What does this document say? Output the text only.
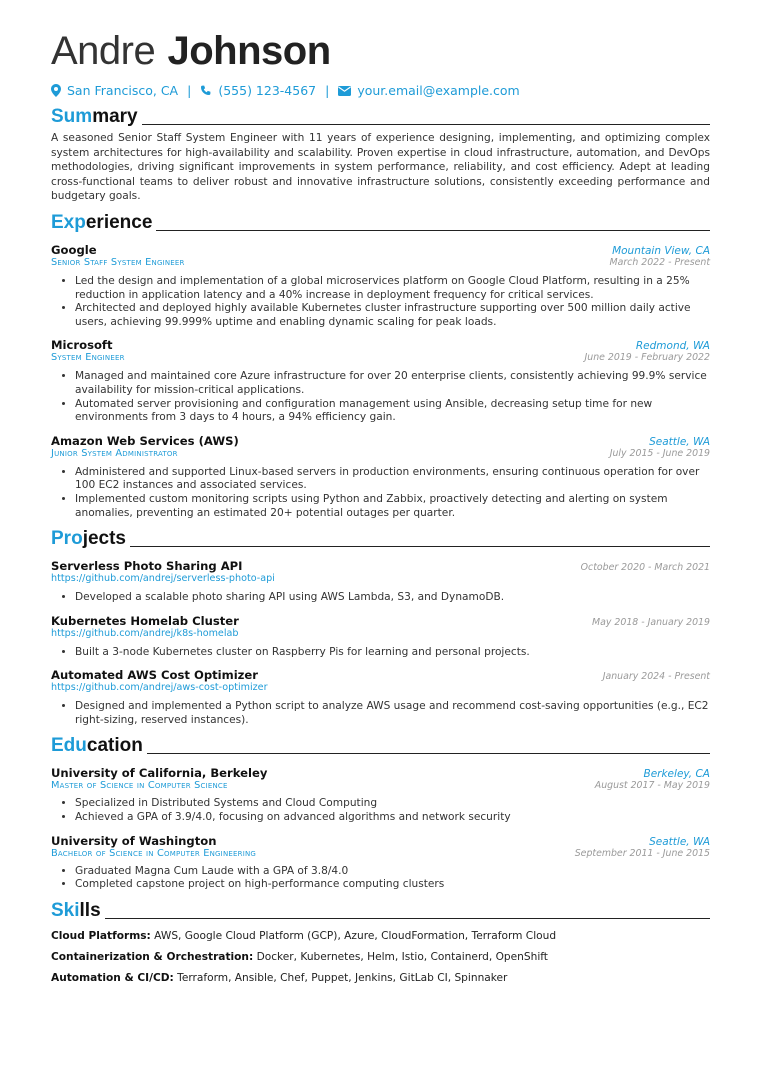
Andre Johnson
San Francisco, CA | (555) 123-4567 | your.email@example.com
Summary
A seasoned Senior Staff System Engineer with 11 years of experience designing, implementing, and optimizing complex system architectures for high-availability and scalability. Proven expertise in cloud infrastructure, automation, and DevOps methodologies, driving significant improvements in system performance, reliability, and cost efficiency. Adept at leading cross-functional teams to deliver robust and innovative infrastructure solutions, consistently exceeding performance and budgetary goals.
Experience
Google	Mountain View, CA
Senior Staff System Engineer	March 2022 - Present
• Led the design and implementation of a global microservices platform on Google Cloud Platform, resulting in a 25% reduction in application latency and a 40% increase in deployment frequency for critical services.
• Architected and deployed highly available Kubernetes cluster infrastructure supporting over 500 million daily active users, achieving 99.999% uptime and enabling dynamic scaling for peak loads.
Microsoft	Redmond, WA
System Engineer	June 2019 - February 2022
• Managed and maintained core Azure infrastructure for over 20 enterprise clients, consistently achieving 99.9% service availability for mission-critical applications.
• Automated server provisioning and configuration management using Ansible, decreasing setup time for new environments from 3 days to 4 hours, a 94% efficiency gain.
Amazon Web Services (AWS)	Seattle, WA
Junior System Administrator	July 2015 - June 2019
• Administered and supported Linux-based servers in production environments, ensuring continuous operation for over 100 EC2 instances and associated services.
• Implemented custom monitoring scripts using Python and Zabbix, proactively detecting and alerting on system anomalies, preventing an estimated 20+ potential outages per quarter.
Projects
Serverless Photo Sharing API	October 2020 - March 2021
https://github.com/andrej/serverless-photo-api
• Developed a scalable photo sharing API using AWS Lambda, S3, and DynamoDB.
Kubernetes Homelab Cluster	May 2018 - January 2019
https://github.com/andrej/k8s-homelab
• Built a 3-node Kubernetes cluster on Raspberry Pis for learning and personal projects.
Automated AWS Cost Optimizer	January 2024 - Present
https://github.com/andrej/aws-cost-optimizer
• Designed and implemented a Python script to analyze AWS usage and recommend cost-saving opportunities (e.g., EC2 right-sizing, reserved instances).
Education
University of California, Berkeley	Berkeley, CA
Master of Science in Computer Science	August 2017 - May 2019
• Specialized in Distributed Systems and Cloud Computing
• Achieved a GPA of 3.9/4.0, focusing on advanced algorithms and network security
University of Washington	Seattle, WA
Bachelor of Science in Computer Engineering	September 2011 - June 2015
• Graduated Magna Cum Laude with a GPA of 3.8/4.0
• Completed capstone project on high-performance computing clusters
Skills

Cloud Platforms: AWS, Google Cloud Platform (GCP), Azure, CloudFormation, Terraform Cloud

Containerization & Orchestration: Docker, Kubernetes, Helm, Istio, Containerd, OpenShift

Automation & CI/CD: Terraform, Ansible, Chef, Puppet, Jenkins, GitLab CI, Spinnaker
